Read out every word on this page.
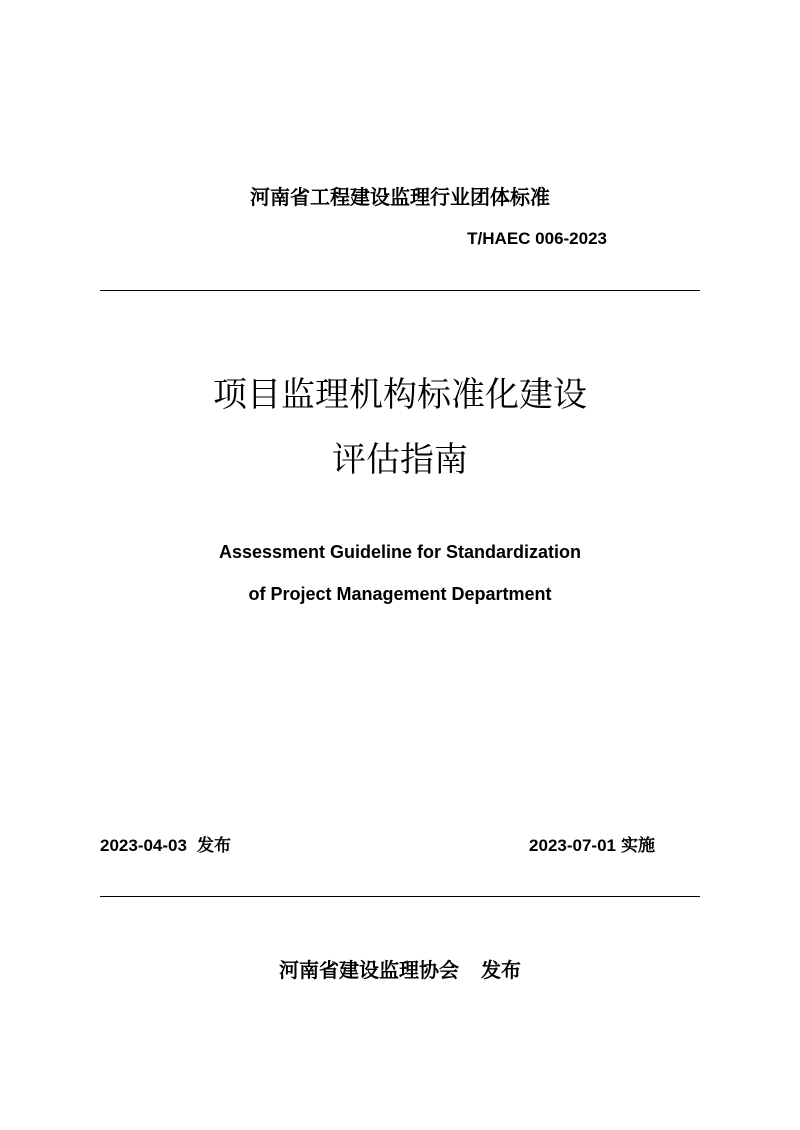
河南省工程建设监理行业团体标准
T/HAEC 006-2023
项目监理机构标准化建设
评估指南
Assessment Guideline for Standardization
of Project Management Department
2023-04-03 发布	2023-07-01 实施
河南省建设监理协会 发布
